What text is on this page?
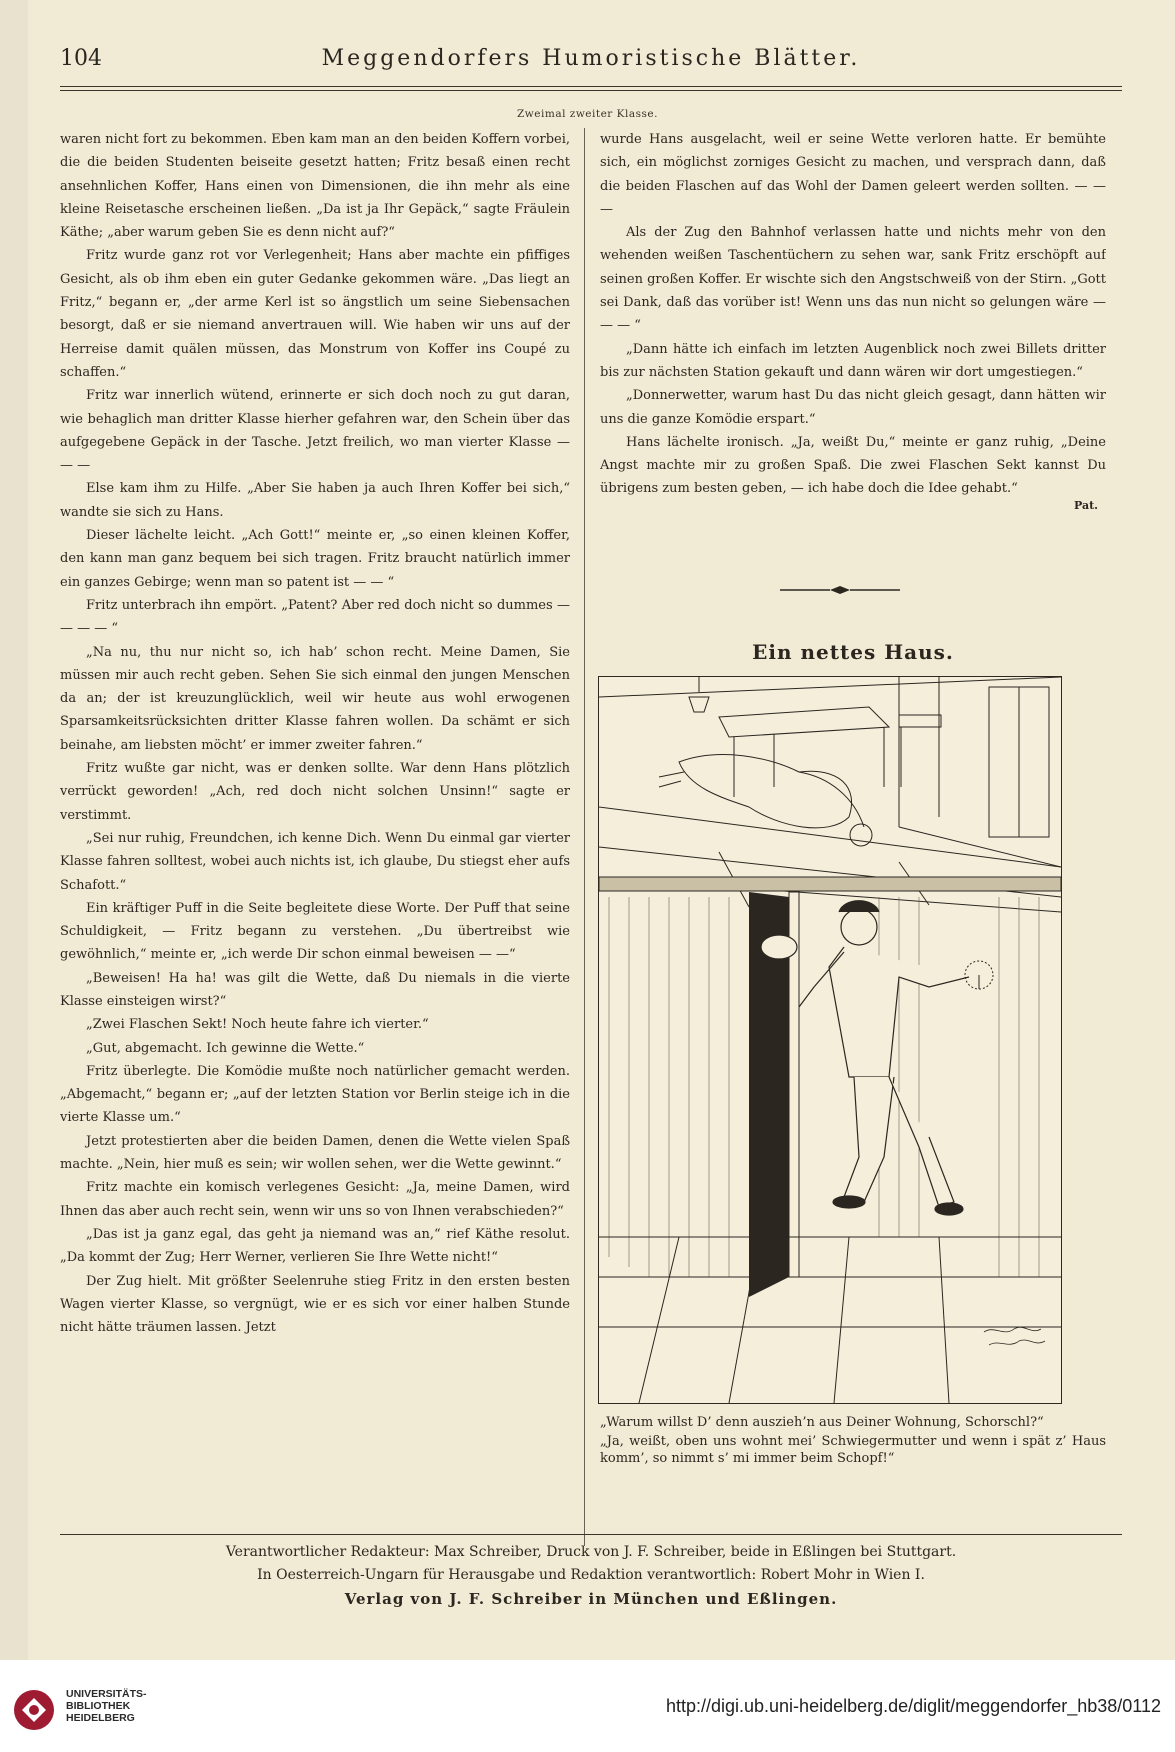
104	Meggendorfers Humoristische Blätter.
Zweimal zweiter Klasse.

waren nicht fort zu bekommen. Eben kam man an den beiden Koffern vorbei, die die beiden Studenten beiseite gesetzt hatten; Fritz besaß einen recht ansehnlichen Koffer, Hans einen von Dimensionen, die ihn mehr als eine kleine Reisetasche erscheinen ließen. „Da ist ja Ihr Gepäck,“ sagte Fräulein Käthe; „aber warum geben Sie es denn nicht auf?“

Fritz wurde ganz rot vor Verlegenheit; Hans aber machte ein pfiffiges Gesicht, als ob ihm eben ein guter Gedanke gekommen wäre. „Das liegt an Fritz,“ begann er, „der arme Kerl ist so ängstlich um seine Siebensachen besorgt, daß er sie niemand anvertrauen will. Wie haben wir uns auf der Herreise damit quälen müssen, das Monstrum von Koffer ins Coupé zu schaffen.“

Fritz war innerlich wütend, erinnerte er sich doch noch zu gut daran, wie behaglich man dritter Klasse hierher gefahren war, den Schein über das aufgegebene Gepäck in der Tasche. Jetzt freilich, wo man vierter Klasse — — —

Else kam ihm zu Hilfe. „Aber Sie haben ja auch Ihren Koffer bei sich,“ wandte sie sich zu Hans.

Dieser lächelte leicht. „Ach Gott!“ meinte er, „so einen kleinen Koffer, den kann man ganz bequem bei sich tragen. Fritz braucht natürlich immer ein ganzes Gebirge; wenn man so patent ist — — “

Fritz unterbrach ihn empört. „Patent? Aber red doch nicht so dummes — — — — “

„Na nu, thu nur nicht so, ich hab’ schon recht. Meine Damen, Sie müssen mir auch recht geben. Sehen Sie sich einmal den jungen Menschen da an; der ist kreuzunglücklich, weil wir heute aus wohl erwogenen Sparsamkeitsrücksichten dritter Klasse fahren wollen. Da schämt er sich beinahe, am liebsten möcht’ er immer zweiter fahren.“

Fritz wußte gar nicht, was er denken sollte. War denn Hans plötzlich verrückt geworden! „Ach, red doch nicht solchen Unsinn!“ sagte er verstimmt.

„Sei nur ruhig, Freundchen, ich kenne Dich. Wenn Du einmal gar vierter Klasse fahren solltest, wobei auch nichts ist, ich glaube, Du stiegst eher aufs Schafott.“

Ein kräftiger Puff in die Seite begleitete diese Worte. Der Puff that seine Schuldigkeit, — Fritz begann zu verstehen. „Du übertreibst wie gewöhnlich,“ meinte er, „ich werde Dir schon einmal beweisen — —“

„Beweisen! Ha ha! was gilt die Wette, daß Du niemals in die vierte Klasse einsteigen wirst?“

„Zwei Flaschen Sekt! Noch heute fahre ich vierter.“

„Gut, abgemacht. Ich gewinne die Wette.“

Fritz überlegte. Die Komödie mußte noch natürlicher gemacht werden. „Abgemacht,“ begann er; „auf der letzten Station vor Berlin steige ich in die vierte Klasse um.“

Jetzt protestierten aber die beiden Damen, denen die Wette vielen Spaß machte. „Nein, hier muß es sein; wir wollen sehen, wer die Wette gewinnt.“

Fritz machte ein komisch verlegenes Gesicht: „Ja, meine Damen, wird Ihnen das aber auch recht sein, wenn wir uns so von Ihnen verabschieden?“

„Das ist ja ganz egal, das geht ja niemand was an,“ rief Käthe resolut. „Da kommt der Zug; Herr Werner, verlieren Sie Ihre Wette nicht!“

Der Zug hielt. Mit größter Seelenruhe stieg Fritz in den ersten besten Wagen vierter Klasse, so vergnügt, wie er es sich vor einer halben Stunde nicht hätte träumen lassen. Jetzt

wurde Hans ausgelacht, weil er seine Wette verloren hatte. Er bemühte sich, ein möglichst zorniges Gesicht zu machen, und versprach dann, daß die beiden Flaschen auf das Wohl der Damen geleert werden sollten. — — —

Als der Zug den Bahnhof verlassen hatte und nichts mehr von den wehenden weißen Taschentüchern zu sehen war, sank Fritz erschöpft auf seinen großen Koffer. Er wischte sich den Angstschweiß von der Stirn. „Gott sei Dank, daß das vorüber ist! Wenn uns das nun nicht so gelungen wäre — — — “

„Dann hätte ich einfach im letzten Augenblick noch zwei Billets dritter bis zur nächsten Station gekauft und dann wären wir dort umgestiegen.“

„Donnerwetter, warum hast Du das nicht gleich gesagt, dann hätten wir uns die ganze Komödie erspart.“

Hans lächelte ironisch. „Ja, weißt Du,“ meinte er ganz ruhig, „Deine Angst machte mir zu großen Spaß. Die zwei Flaschen Sekt kannst Du übrigens zum besten geben, — ich habe doch die Idee gehabt.“

Pat.
Ein nettes Haus.

„Warum willst D’ denn auszieh’n aus Deiner Wohnung, Schorschl?“

„Ja, weißt, oben uns wohnt mei’ Schwiegermutter und wenn i spät z’ Haus komm’, so nimmt s’ mi immer beim Schopf!“

Verantwortlicher Redakteur: Max Schreiber, Druck von J. F. Schreiber, beide in Eßlingen bei Stuttgart.
In Oesterreich-Ungarn für Herausgabe und Redaktion verantwortlich: Robert Mohr in Wien I.
Verlag von J. F. Schreiber in München und Eßlingen.
UNIVERSITÄTS-
BIBLIOTHEK
HEIDELBERG
http://digi.ub.uni-heidelberg.de/diglit/meggendorfer_hb38/0112
